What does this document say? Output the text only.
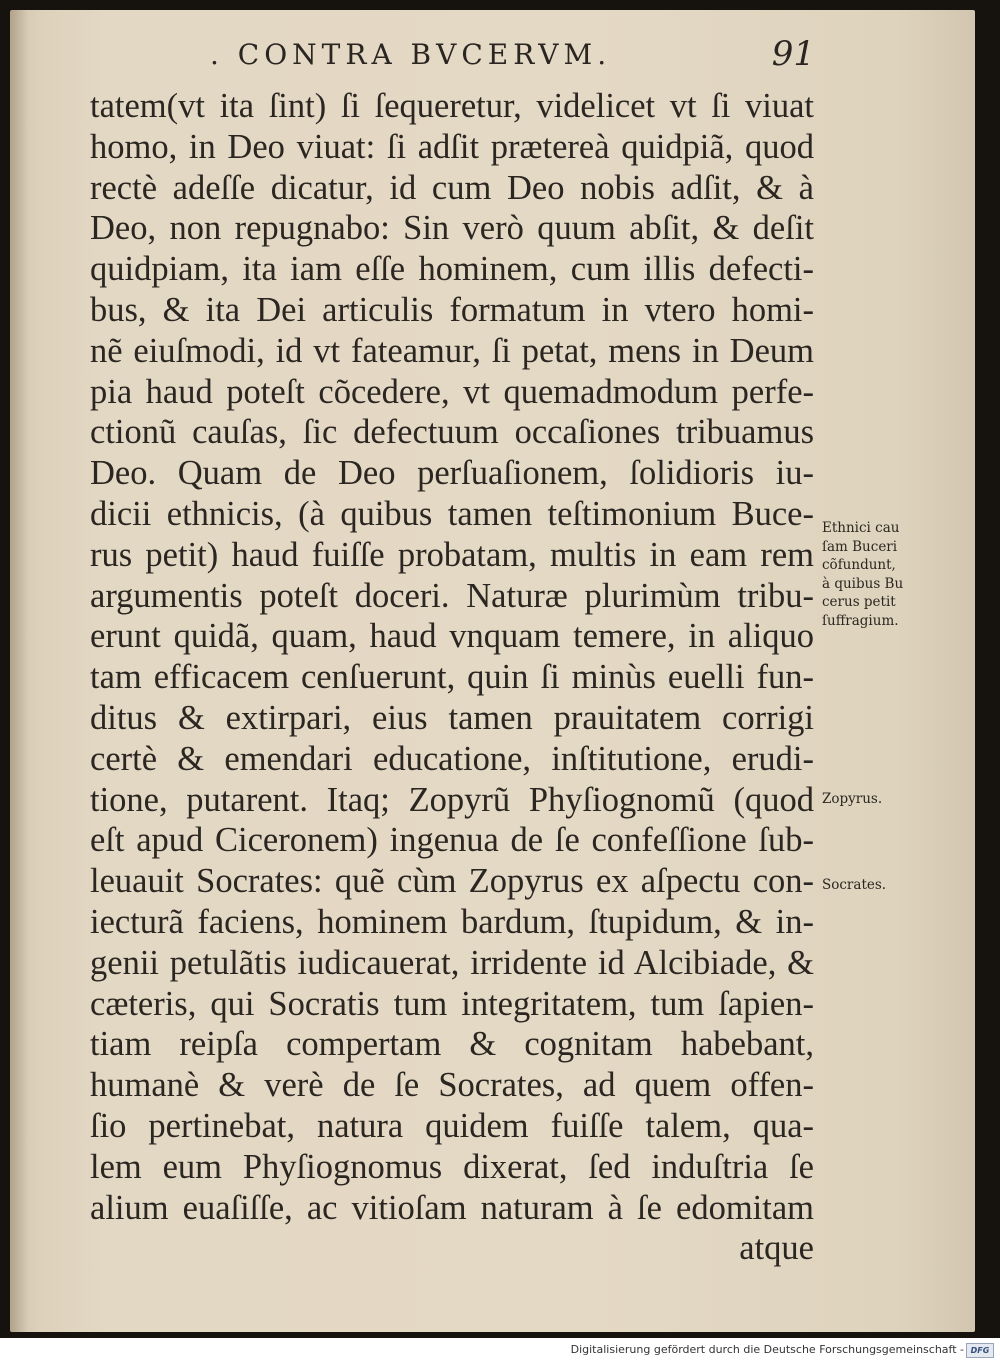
. CONTRA BVCERVM.	91
tatem(vt ita ſint) ſi ſequeretur, videlicet vt ſi viuat
homo, in Deo viuat: ſi adſit prætereà quidpiã, quod
rectè adeſſe dicatur, id cum Deo nobis adſit, & à
Deo, non repugnabo: Sin verò quum abſit, & deſit
quidpiam, ita iam eſſe hominem, cum illis defecti-
bus, & ita Dei articulis formatum in vtero homi-
nẽ eiuſmodi, id vt fateamur, ſi petat, mens in Deum
pia haud poteſt cõcedere, vt quemadmodum perfe-
ctionũ cauſas, ſic defectuum occaſiones tribuamus
Deo. Quam de Deo perſuaſionem, ſolidioris iu-
dicii ethnicis, (à quibus tamen teſtimonium Buce-
rus petit) haud fuiſſe probatam, multis in eam rem
argumentis poteſt doceri. Naturæ plurimùm tribu-
erunt quidã, quam, haud vnquam temere, in aliquo
tam efficacem cenſuerunt, quin ſi minùs euelli fun-
ditus & extirpari, eius tamen prauitatem corrigi
certè & emendari educatione, inſtitutione, erudi-
tione, putarent. Itaq; Zopyrũ Phyſiognomũ (quod
eſt apud Ciceronem) ingenua de ſe confeſſione ſub-
leuauit Socrates: quẽ cùm Zopyrus ex aſpectu con-
iecturã faciens, hominem bardum, ſtupidum, & in-
genii petulãtis iudicauerat, irridente id Alcibiade, &
cæteris, qui Socratis tum integritatem, tum ſapien-
tiam reipſa compertam & cognitam habebant,
humanè & verè de ſe Socrates, ad quem offen-
ſio pertinebat, natura quidem fuiſſe talem, qua-
lem eum Phyſiognomus dixerat, ſed induſtria ſe
alium euaſiſſe, ac vitioſam naturam à ſe edomitam
atque
Ethnici cau
ſam Buceri
cõfundunt,
à quibus Bu
cerus petit
ſuffragium.
Zopyrus.
Socrates.
Digitalisierung gefördert durch die Deutsche Forschungsgemeinschaft - DFG
